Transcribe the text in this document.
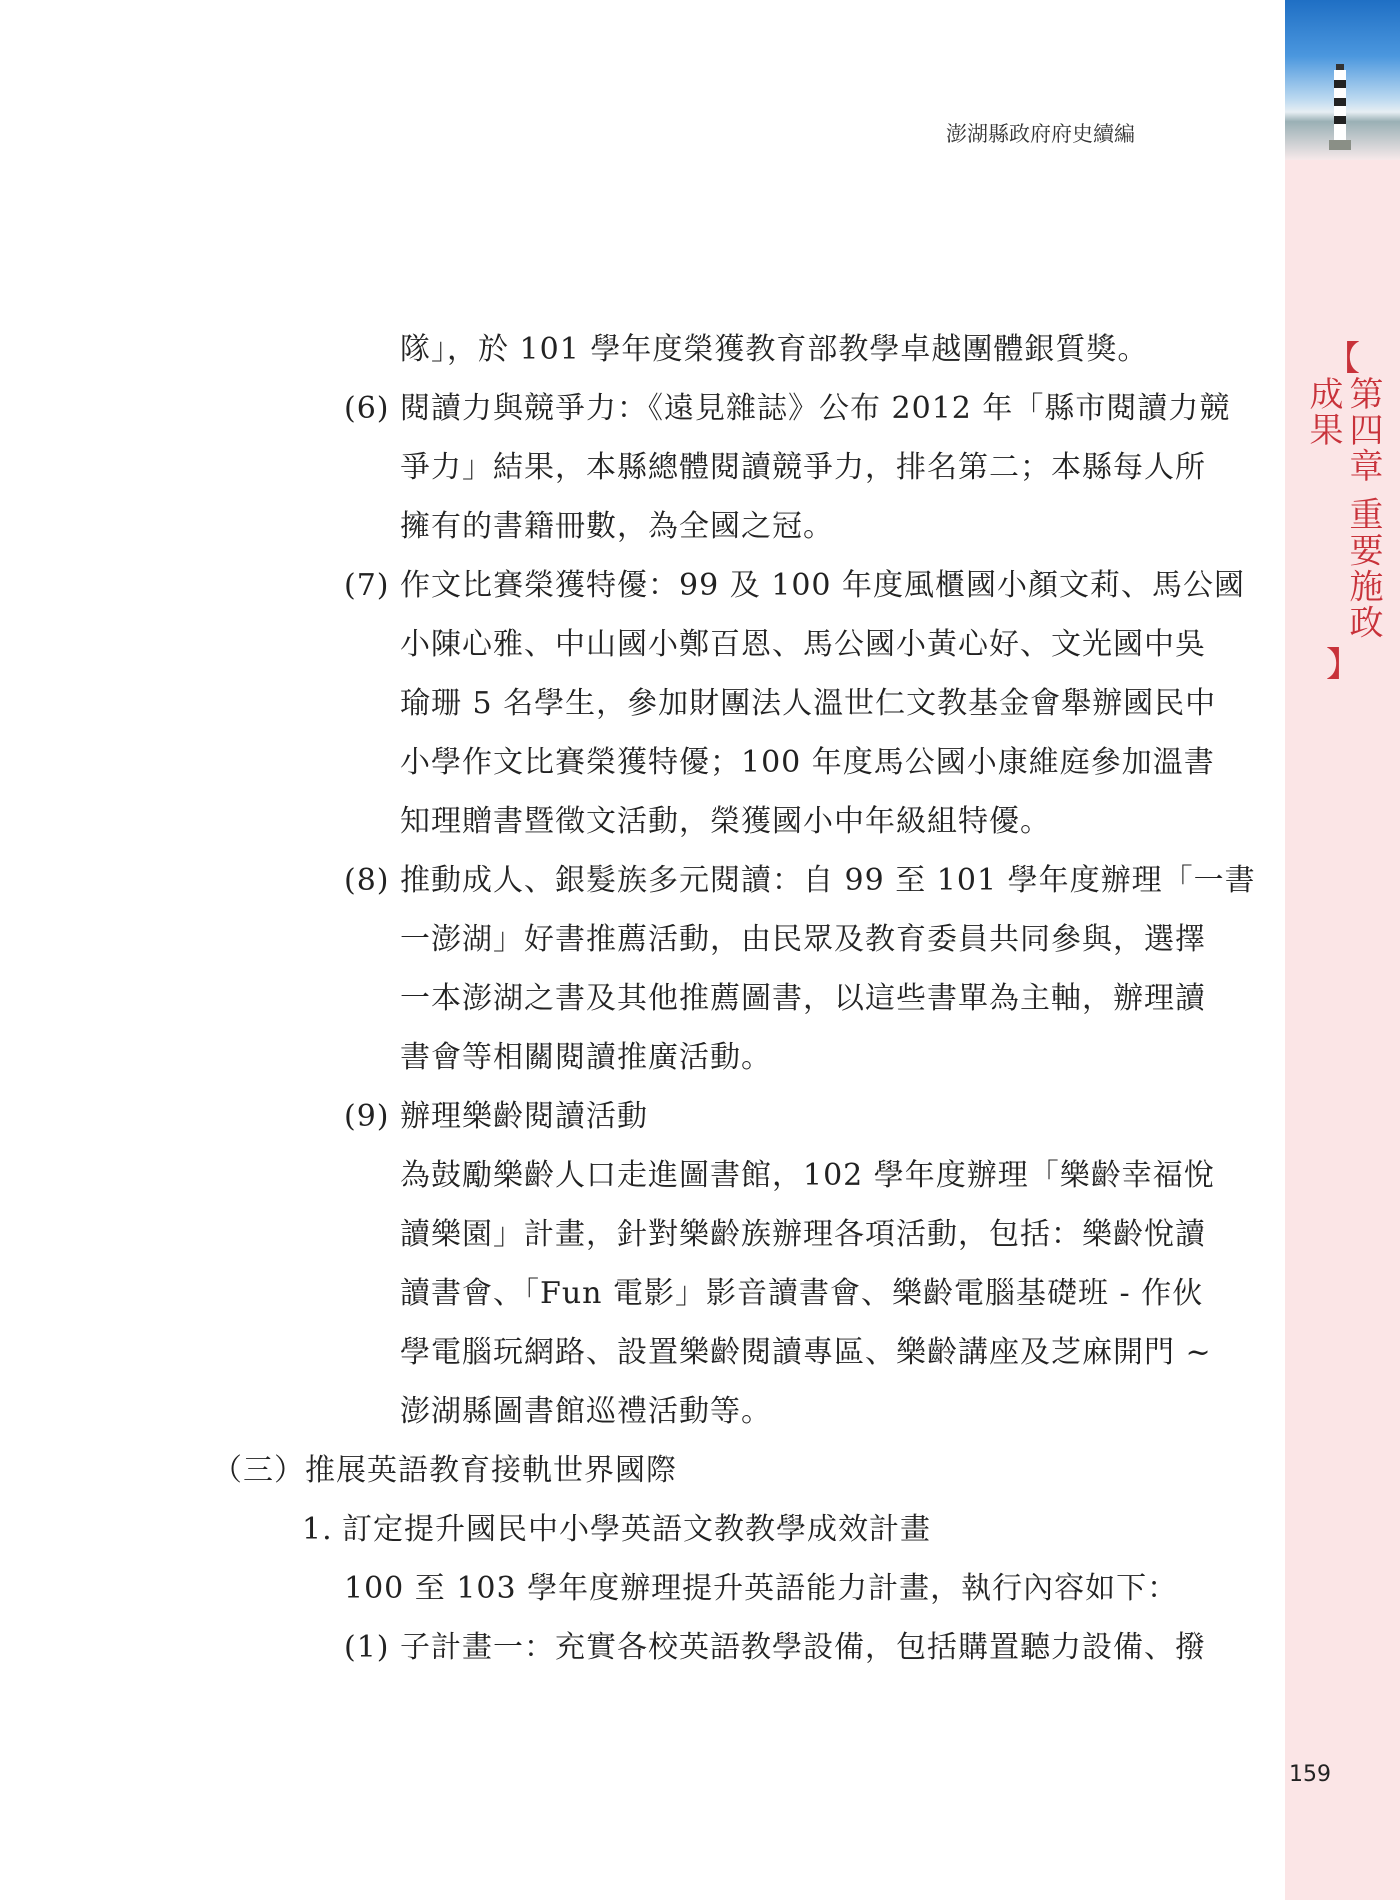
澎湖縣政府府史續編
隊」，於 101 學年度榮獲教育部教學卓越團體銀質獎。
(6) 閱讀力與競爭力：《遠見雜誌》公布 2012 年「縣市閱讀力競
爭力」結果，本縣總體閱讀競爭力，排名第二；本縣每人所
擁有的書籍冊數，為全國之冠。
(7) 作文比賽榮獲特優：99 及 100 年度風櫃國小顏文莉、馬公國
小陳心雅、中山國小鄭百恩、馬公國小黃心好、文光國中吳
瑜珊 5 名學生，參加財團法人溫世仁文教基金會舉辦國民中
小學作文比賽榮獲特優；100 年度馬公國小康維庭參加溫書
知理贈書暨徵文活動，榮獲國小中年級組特優。
(8) 推動成人、銀髮族多元閱讀：自 99 至 101 學年度辦理「一書
一澎湖」好書推薦活動，由民眾及教育委員共同參與，選擇
一本澎湖之書及其他推薦圖書，以這些書單為主軸，辦理讀
書會等相關閱讀推廣活動。
(9) 辦理樂齡閱讀活動
為鼓勵樂齡人口走進圖書館，102 學年度辦理「樂齡幸福悅
讀樂園」計畫，針對樂齡族辦理各項活動，包括：樂齡悅讀
讀書會、「Fun 電影」影音讀書會、樂齡電腦基礎班 - 作伙
學電腦玩網路、設置樂齡閱讀專區、樂齡講座及芝麻開門 ~
澎湖縣圖書館巡禮活動等。
（三）推展英語教育接軌世界國際
1. 訂定提升國民中小學英語文教教學成效計畫
100 至 103 學年度辦理提升英語能力計畫，執行內容如下：
(1) 子計畫一：充實各校英語教學設備，包括購置聽力設備、撥
【
第四章 重要施政成果
】
159
